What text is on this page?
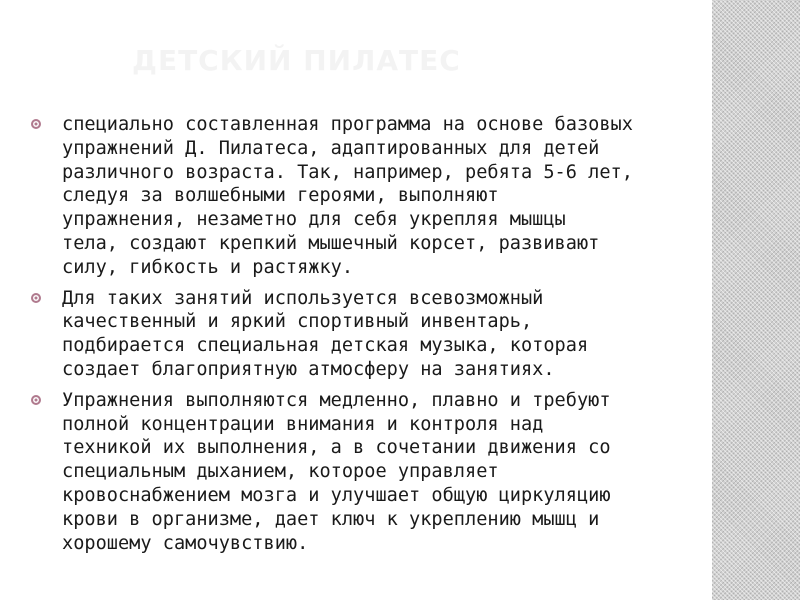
ДЕТСКИЙ ПИЛАТЕС
специально составленная программа на основе базовых
упражнений Д. Пилатеса, адаптированных для детей
различного возраста. Так, например, ребята 5-6 лет,
следуя за волшебными героями, выполняют
упражнения, незаметно для себя укрепляя мышцы
тела, создают крепкий мышечный корсет, развивают
силу, гибкость и растяжку.
Для таких занятий используется всевозможный
качественный и яркий спортивный инвентарь,
подбирается специальная детская музыка, которая
создает благоприятную атмосферу на занятиях.
Упражнения выполняются медленно, плавно и требуют
полной концентрации внимания и контроля над
техникой их выполнения, а в сочетании движения со
специальным дыханием, которое управляет
кровоснабжением мозга и улучшает общую циркуляцию
крови в организме, дает ключ к укреплению мышц и
хорошему самочувствию.
